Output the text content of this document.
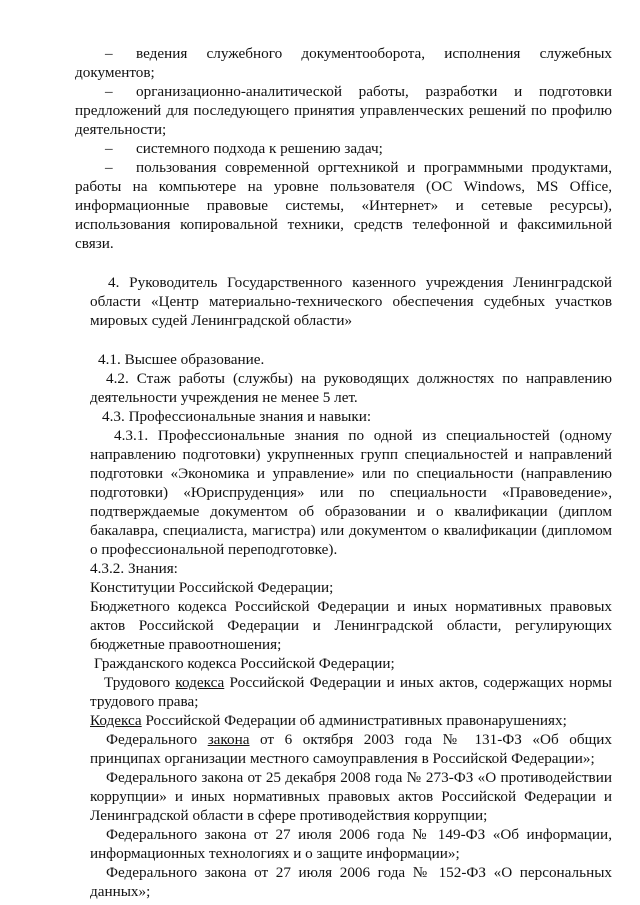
– ведения служебного документооборота, исполнения служебных документов;

– организационно-аналитической работы, разработки и подготовки предложений для последующего принятия управленческих решений по профилю деятельности;

– системного подхода к решению задач;

– пользования современной оргтехникой и программными продуктами, работы на компьютере на уровне пользователя (ОС Windows, MS Office, информационные правовые системы, «Интернет» и сетевые ресурсы), использования копировальной техники, средств телефонной и факсимильной связи.

4. Руководитель Государственного казенного учреждения Ленинградской области «Центр материально-технического обеспечения судебных участков мировых судей Ленинградской области»

4.1. Высшее образование.

4.2. Стаж работы (службы) на руководящих должностях по направлению деятельности учреждения не менее 5 лет.

4.3. Профессиональные знания и навыки:

4.3.1. Профессиональные знания по одной из специальностей (одному направлению подготовки) укрупненных групп специальностей и направлений подготовки «Экономика и управление» или по специальности (направлению подготовки) «Юриспруденция» или по специальности «Правоведение», подтверждаемые документом об образовании и о квалификации (диплом бакалавра, специалиста, магистра) или документом о квалификации (дипломом о профессиональной переподготовке).

4.3.2. Знания:

Конституции Российской Федерации;

Бюджетного кодекса Российской Федерации и иных нормативных правовых актов Российской Федерации и Ленинградской области, регулирующих бюджетные правоотношения;

Гражданского кодекса Российской Федерации;

Трудового кодекса Российской Федерации и иных актов, содержащих нормы трудового права;

Кодекса Российской Федерации об административных правонарушениях;

Федерального закона от 6 октября 2003 года № 131-ФЗ «Об общих принципах организации местного самоуправления в Российской Федерации»;

Федерального закона от 25 декабря 2008 года № 273-ФЗ «О противодействии коррупции» и иных нормативных правовых актов Российской Федерации и Ленинградской области в сфере противодействия коррупции;

Федерального закона от 27 июля 2006 года № 149-ФЗ «Об информации, информационных технологиях и о защите информации»;

Федерального закона от 27 июля 2006 года № 152-ФЗ «О персональных данных»;
